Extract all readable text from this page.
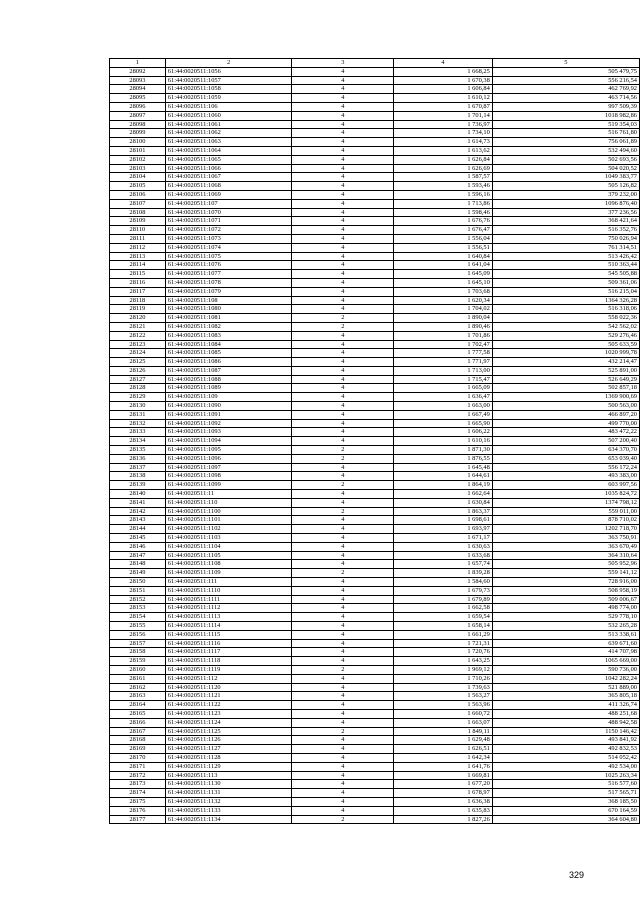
1	2	3	4	5
28092	61:44:0020511:1056	4	1 668,25	505 479,75
28093	61:44:0020511:1057	4	1 670,38	556 216,54
28094	61:44:0020511:1058	4	1 606,84	462 769,92
28095	61:44:0020511:1059	4	1 610,12	463 714,56
28096	61:44:0020511:106	4	1 670,87	997 509,39
28097	61:44:0020511:1060	4	1 701,14	1018 982,86
28098	61:44:0020511:1061	4	1 736,97	519 354,03
28099	61:44:0020511:1062	4	1 734,10	516 761,80
28100	61:44:0020511:1063	4	1 614,73	756 061,89
28101	61:44:0020511:1064	4	1 613,62	532 494,60
28102	61:44:0020511:1065	4	1 626,84	502 693,56
28103	61:44:0020511:1066	4	1 626,69	504 020,52
28104	61:44:0020511:1067	4	1 587,57	1049 383,77
28105	61:44:0020511:1068	4	1 593,46	505 126,82
28106	61:44:0020511:1069	4	1 596,16	379 232,00
28107	61:44:0020511:107	4	1 713,86	1096 876,40
28108	61:44:0020511:1070	4	1 598,46	377 236,56
28109	61:44:0020511:1071	4	1 676,76	368 421,64
28110	61:44:0020511:1072	4	1 676,47	516 352,76
28111	61:44:0020511:1073	4	1 556,04	750 026,94
28112	61:44:0020511:1074	4	1 556,51	761 314,51
28113	61:44:0020511:1075	4	1 640,84	513 426,42
28114	61:44:0020511:1076	4	1 641,04	510 363,44
28115	61:44:0020511:1077	4	1 645,09	545 505,88
28116	61:44:0020511:1078	4	1 645,10	509 361,06
28117	61:44:0020511:1079	4	1 703,68	516 215,04
28118	61:44:0020511:108	4	1 620,34	1364 326,28
28119	61:44:0020511:1080	4	1 704,02	516 318,06
28120	61:44:0020511:1081	2	1 890,04	558 022,36
28121	61:44:0020511:1082	2	1 890,46	542 562,02
28122	61:44:0020511:1083	4	1 701,86	529 276,46
28123	61:44:0020511:1084	4	1 702,47	505 633,59
28124	61:44:0020511:1085	4	1 777,58	1020 999,78
28125	61:44:0020511:1086	4	1 771,97	432 214,47
28126	61:44:0020511:1087	4	1 713,00	525 891,00
28127	61:44:0020511:1088	4	1 715,47	526 649,29
28128	61:44:0020511:1089	4	1 665,09	502 857,18
28129	61:44:0020511:109	4	1 636,47	1369 900,69
28130	61:44:0020511:1090	4	1 663,00	500 563,00
28131	61:44:0020511:1091	4	1 667,49	466 897,20
28132	61:44:0020511:1092	4	1 665,90	499 770,00
28133	61:44:0020511:1093	4	1 606,22	483 472,22
28134	61:44:0020511:1094	4	1 610,16	507 200,40
28135	61:44:0020511:1095	2	1 871,30	634 370,70
28136	61:44:0020511:1096	2	1 876,55	653 039,40
28137	61:44:0020511:1097	4	1 645,48	556 172,24
28138	61:44:0020511:1098	4	1 644,61	493 383,00
28139	61:44:0020511:1099	2	1 864,19	603 997,56
28140	61:44:0020511:11	4	1 662,64	1035 824,72
28141	61:44:0020511:110	4	1 630,84	1374 798,12
28142	61:44:0020511:1100	2	1 863,37	559 011,00
28143	61:44:0020511:1101	4	1 698,61	878 710,02
28144	61:44:0020511:1102	4	1 693,97	1202 718,70
28145	61:44:0020511:1103	4	1 671,17	363 750,91
28146	61:44:0020511:1104	4	1 630,63	363 670,49
28147	61:44:0020511:1105	4	1 633,68	364 310,64
28148	61:44:0020511:1108	4	1 657,74	505 952,96
28149	61:44:0020511:1109	2	1 839,28	559 141,12
28150	61:44:0020511:111	4	1 584,60	728 916,00
28151	61:44:0020511:1110	4	1 679,73	508 958,19
28152	61:44:0020511:1111	4	1 679,89	509 006,67
28153	61:44:0020511:1112	4	1 662,58	498 774,00
28154	61:44:0020511:1113	4	1 659,54	529 778,10
28155	61:44:0020511:1114	4	1 658,14	532 265,28
28156	61:44:0020511:1115	4	1 661,29	513 338,61
28157	61:44:0020511:1116	4	1 721,31	639 671,60
28158	61:44:0020511:1117	4	1 720,76	414 707,98
28159	61:44:0020511:1118	4	1 643,25	1065 669,00
28160	61:44:0020511:1119	2	1 969,12	590 736,00
28161	61:44:0020511:112	4	1 710,26	1042 282,24
28162	61:44:0020511:1120	4	1 739,63	521 889,00
28163	61:44:0020511:1121	4	1 563,27	365 805,18
28164	61:44:0020511:1122	4	1 563,96	411 326,74
28165	61:44:0020511:1123	4	1 660,72	488 251,68
28166	61:44:0020511:1124	4	1 663,07	488 942,58
28167	61:44:0020511:1125	2	1 849,11	1150 146,42
28168	61:44:0020511:1126	4	1 629,48	493 841,92
28169	61:44:0020511:1127	4	1 626,51	492 832,53
28170	61:44:0020511:1128	4	1 642,34	514 052,42
28171	61:44:0020511:1129	4	1 641,76	492 534,00
28172	61:44:0020511:113	4	1 669,81	1025 263,34
28173	61:44:0020511:1130	4	1 677,20	516 577,60
28174	61:44:0020511:1131	4	1 678,97	517 565,71
28175	61:44:0020511:1132	4	1 636,38	368 185,50
28176	61:44:0020511:1133	4	1 635,83	670 164,59
28177	61:44:0020511:1134	2	1 827,26	364 604,80
329
